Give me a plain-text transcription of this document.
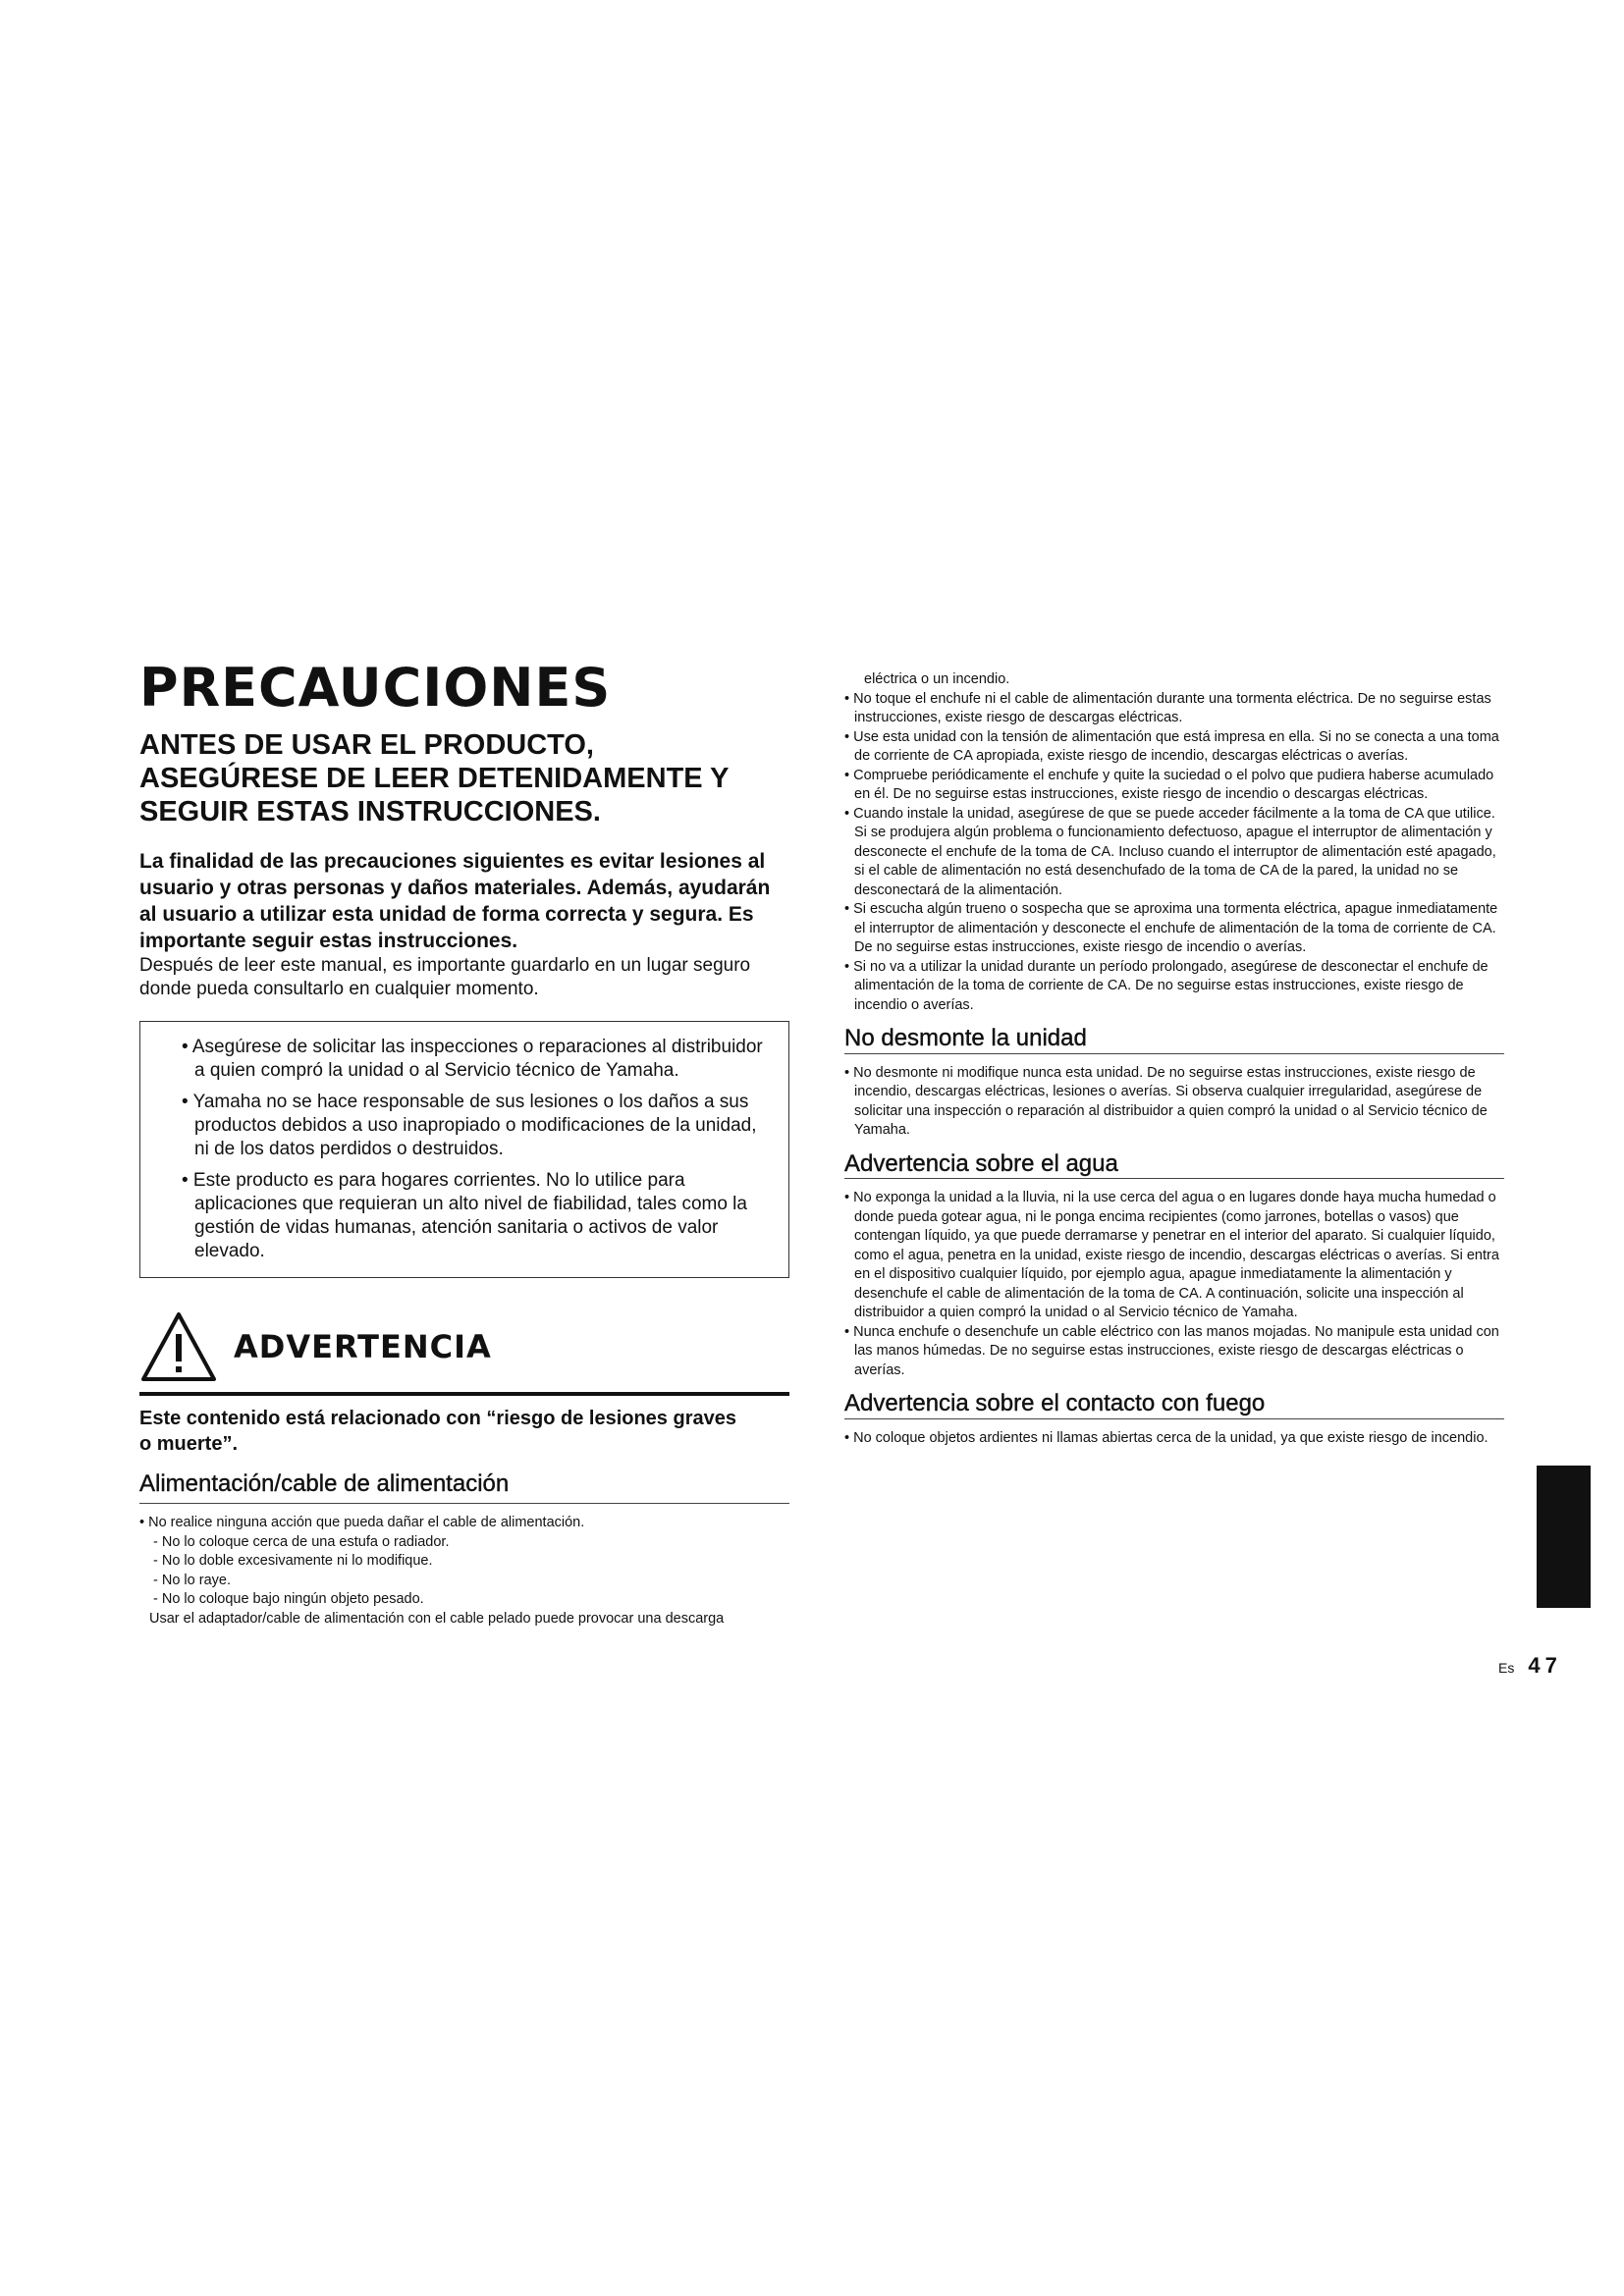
PRECAUCIONES
ANTES DE USAR EL PRODUCTO,
ASEGÚRESE DE LEER DETENIDAMENTE Y
SEGUIR ESTAS INSTRUCCIONES.

La finalidad de las precauciones siguientes es evitar lesiones al
usuario y otras personas y daños materiales. Además, ayudarán
al usuario a utilizar esta unidad de forma correcta y segura. Es
importante seguir estas instrucciones.

Después de leer este manual, es importante guardarlo en un lugar seguro
donde pueda consultarlo en cualquier momento.

• Asegúrese de solicitar las inspecciones o reparaciones al distribuidor a quien compró la unidad o al Servicio técnico de Yamaha.

• Yamaha no se hace responsable de sus lesiones o los daños a sus productos debidos a uso inapropiado o modificaciones de la unidad, ni de los datos perdidos o destruidos.

• Este producto es para hogares corrientes. No lo utilice para aplicaciones que requieran un alto nivel de fiabilidad, tales como la gestión de vidas humanas, atención sanitaria o activos de valor elevado.

ADVERTENCIA

Este contenido está relacionado con “riesgo de lesiones graves
o muerte”.

Alimentación/cable de alimentación

• No realice ninguna acción que pueda dañar el cable de alimentación.

- No lo coloque cerca de una estufa o radiador.

- No lo doble excesivamente ni lo modifique.

- No lo raye.

- No lo coloque bajo ningún objeto pesado.

Usar el adaptador/cable de alimentación con el cable pelado puede provocar una descarga

eléctrica o un incendio.

• No toque el enchufe ni el cable de alimentación durante una tormenta eléctrica. De no seguirse estas instrucciones, existe riesgo de descargas eléctricas.

• Use esta unidad con la tensión de alimentación que está impresa en ella. Si no se conecta a una toma de corriente de CA apropiada, existe riesgo de incendio, descargas eléctricas o averías.

• Compruebe periódicamente el enchufe y quite la suciedad o el polvo que pudiera haberse acumulado en él. De no seguirse estas instrucciones, existe riesgo de incendio o descargas eléctricas.

• Cuando instale la unidad, asegúrese de que se puede acceder fácilmente a la toma de CA que utilice. Si se produjera algún problema o funcionamiento defectuoso, apague el interruptor de alimentación y desconecte el enchufe de la toma de CA. Incluso cuando el interruptor de alimentación esté apagado, si el cable de alimentación no está desenchufado de la toma de CA de la pared, la unidad no se desconectará de la alimentación.

• Si escucha algún trueno o sospecha que se aproxima una tormenta eléctrica, apague inmediatamente el interruptor de alimentación y desconecte el enchufe de alimentación de la toma de corriente de CA. De no seguirse estas instrucciones, existe riesgo de incendio o averías.

• Si no va a utilizar la unidad durante un período prolongado, asegúrese de desconectar el enchufe de alimentación de la toma de corriente de CA. De no seguirse estas instrucciones, existe riesgo de incendio o averías.

No desmonte la unidad

• No desmonte ni modifique nunca esta unidad. De no seguirse estas instrucciones, existe riesgo de incendio, descargas eléctricas, lesiones o averías. Si observa cualquier irregularidad, asegúrese de solicitar una inspección o reparación al distribuidor a quien compró la unidad o al Servicio técnico de Yamaha.

Advertencia sobre el agua

• No exponga la unidad a la lluvia, ni la use cerca del agua o en lugares donde haya mucha humedad o donde pueda gotear agua, ni le ponga encima recipientes (como jarrones, botellas o vasos) que contengan líquido, ya que puede derramarse y penetrar en el interior del aparato. Si cualquier líquido, como el agua, penetra en la unidad, existe riesgo de incendio, descargas eléctricas o averías. Si entra en el dispositivo cualquier líquido, por ejemplo agua, apague inmediatamente la alimentación y desenchufe el cable de alimentación de la toma de CA. A continuación, solicite una inspección al distribuidor a quien compró la unidad o al Servicio técnico de Yamaha.

• Nunca enchufe o desenchufe un cable eléctrico con las manos mojadas. No manipule esta unidad con las manos húmedas. De no seguirse estas instrucciones, existe riesgo de descargas eléctricas o averías.

Advertencia sobre el contacto con fuego

• No coloque objetos ardientes ni llamas abiertas cerca de la unidad, ya que existe riesgo de incendio.

Es 47
